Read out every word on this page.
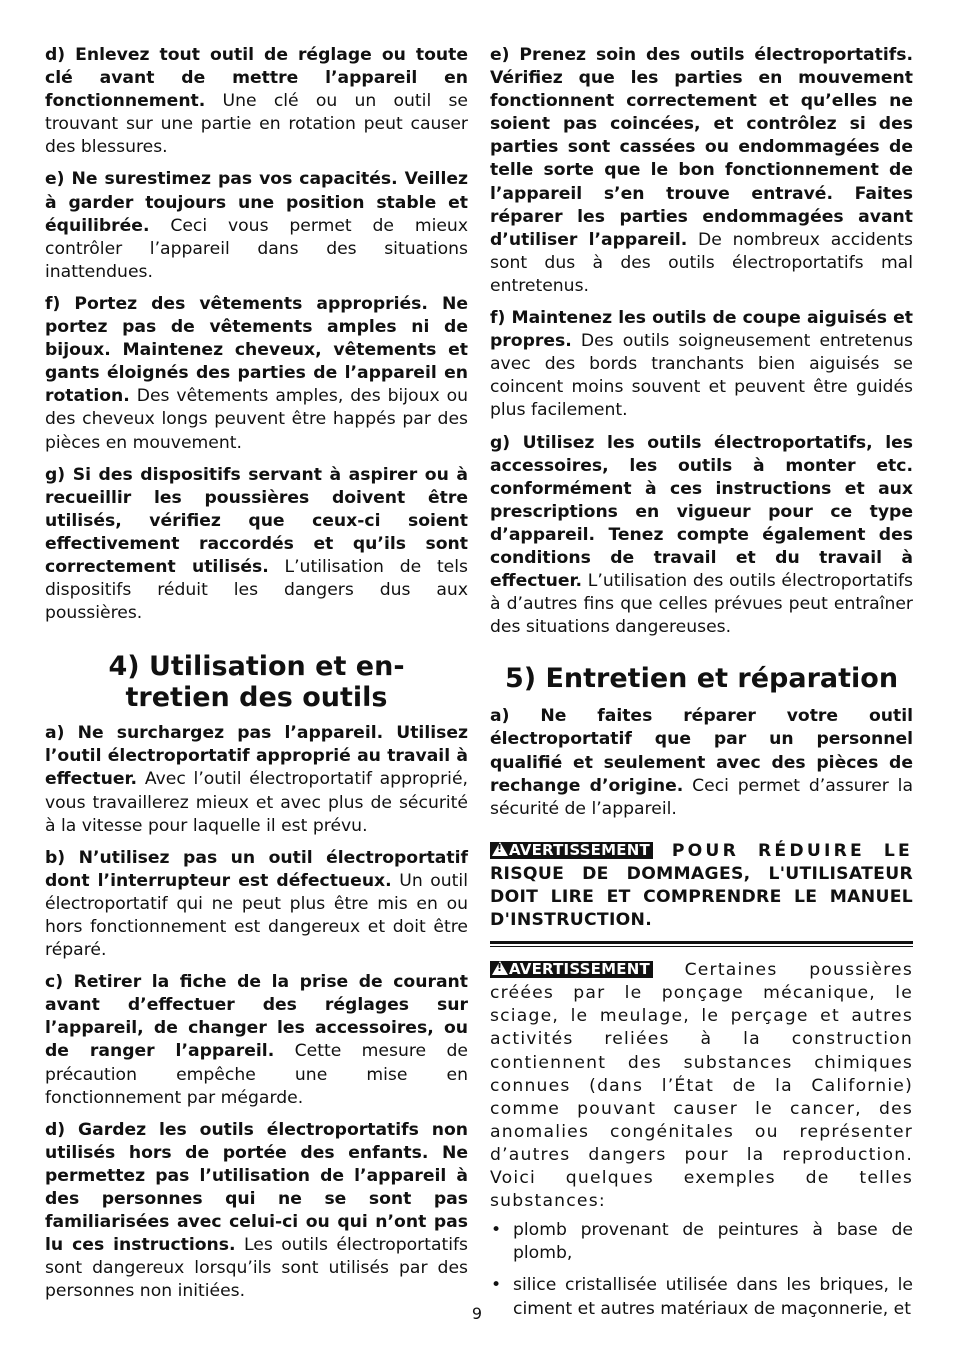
d) Enlevez tout outil de réglage ou toute clé avant de mettre l’appareil en fonctionnement. Une clé ou un outil se trouvant sur une partie en rotation peut causer des blessures.

e) Ne surestimez pas vos capacités. Veillez à garder toujours une position stable et équilibrée. Ceci vous permet de mieux contrôler l’appareil dans des situations inattendues.

f) Portez des vêtements appropriés. Ne portez pas de vêtements amples ni de bijoux. Maintenez cheveux, vêtements et gants éloignés des parties de l’appareil en rotation. Des vêtements amples, des bijoux ou des cheveux longs peuvent être happés par des pièces en mouvement.

g) Si des dispositifs servant à aspirer ou à recueillir les poussières doivent être utilisés, vérifiez que ceux-ci soient effectivement raccordés et qu’ils sont correctement utilisés. L’utilisation de tels dispositifs réduit les dangers dus aux poussières.

4) Utilisation et en-
tretien des outils

a) Ne surchargez pas l’appareil. Utilisez l’outil électroportatif approprié au travail à effectuer. Avec l’outil électroportatif approprié, vous travaillerez mieux et avec plus de sécurité à la vitesse pour laquelle il est prévu.

b) N’utilisez pas un outil électroportatif dont l’interrupteur est défectueux. Un outil électroportatif qui ne peut plus être mis en ou hors fonctionnement est dangereux et doit être réparé.

c) Retirer la fiche de la prise de courant avant d’effectuer des réglages sur l’appareil, de changer les accessoires, ou de ranger l’appareil. Cette mesure de précaution empêche une mise en fonctionnement par mégarde.

d) Gardez les outils électroportatifs non utilisés hors de portée des enfants. Ne permettez pas l’utilisation de l’appareil à des personnes qui ne se sont pas familiarisées avec celui-ci ou qui n’ont pas lu ces instructions. Les outils électroportatifs sont dangereux lorsqu’ils sont utilisés par des personnes non initiées.

e) Prenez soin des outils électroportatifs. Vérifiez que les parties en mouvement fonctionnent correctement et qu’elles ne soient pas coincées, et contrôlez si des parties sont cassées ou endommagées de telle sorte que le bon fonctionnement de l’appareil s’en trouve entravé. Faites réparer les parties endommagées avant d’utiliser l’appareil. De nombreux accidents sont dus à des outils électroportatifs mal entretenus.

f) Maintenez les outils de coupe aiguisés et propres. Des outils soigneusement entretenus avec des bords tranchants bien aiguisés se coincent moins souvent et peuvent être guidés plus facilement.

g) Utilisez les outils électroportatifs, les accessoires, les outils à monter etc. conformément à ces instructions et aux prescriptions en vigueur pour ce type d’appareil. Tenez compte également des conditions de travail et du travail à effectuer. L’utilisation des outils électroportatifs à d’autres fins que celles prévues peut entraîner des situations dangereuses.

5) Entretien et réparation

a) Ne faites réparer votre outil électroportatif que par un personnel qualifié et seulement avec des pièces de rechange d’origine. Ceci permet d’assurer la sécurité de l’appareil.

!AVERTISSEMENT POUR RÉDUIRE LE RISQUE DE DOMMAGES, L'UTILISATEUR DOIT LIRE ET COMPRENDRE LE MANUEL D'INSTRUCTION.

!AVERTISSEMENT Certaines poussières créées par le ponçage mécanique, le sciage, le meulage, le perçage et autres activités reliées à la construction contiennent des substances chimiques connues (dans l’État de la Californie) comme pouvant causer le cancer, des anomalies congénitales ou représenter d’autres dangers pour la reproduction. Voici quelques exemples de telles substances:

• plomb provenant de peintures à base de plomb,
• silice cristallisée utilisée dans les briques, le ciment et autres matériaux de maçonnerie, et
9
